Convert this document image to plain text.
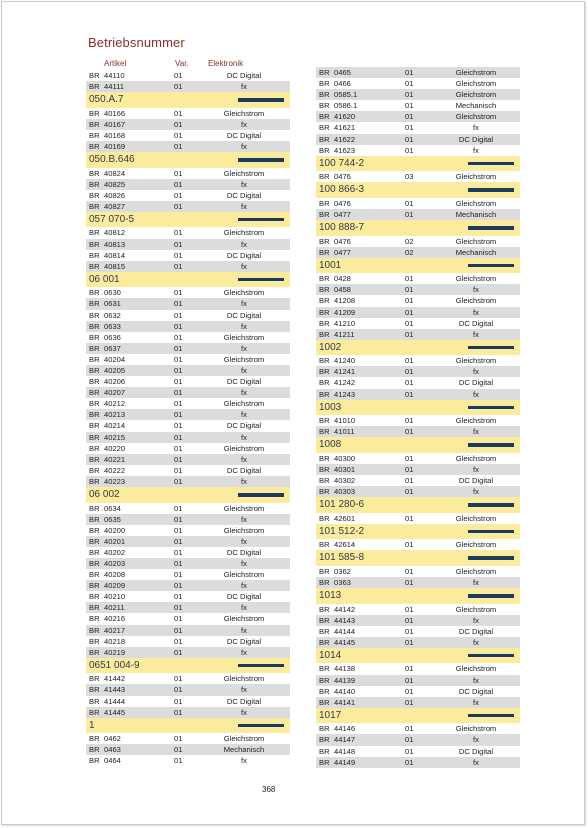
Betriebsnummer
Artikel	Var. Elektronik
BR 44110	01	DC Digital
BR 44111	01	fx
050.A.7
BR 40166	01	Gleichstrom
BR 40167	01	fx
BR 40168	01	DC Digital
BR 40169	01	fx
050.B.646
BR 40824	01	Gleichstrom
BR 40825	01	fx
BR 40826	01	DC Digital
BR 40827	01	fx
057 070-5
BR 40812	01	Gleichstrom
BR 40813	01	fx
BR 40814	01	DC Digital
BR 40815	01	fx
06 001
BR 0630	01	Gleichstrom
BR 0631	01	fx
BR 0632	01	DC Digital
BR 0633	01	fx
BR 0636	01	Gleichstrom
BR 0637	01	fx
BR 40204	01	Gleichstrom
BR 40205	01	fx
BR 40206	01	DC Digital
BR 40207	01	fx
BR 40212	01	Gleichstrom
BR 40213	01	fx
BR 40214	01	DC Digital
BR 40215	01	fx
BR 40220	01	Gleichstrom
BR 40221	01	fx
BR 40222	01	DC Digital
BR 40223	01	fx
06 002
BR 0634	01	Gleichstrom
BR 0635	01	fx
BR 40200	01	Gleichstrom
BR 40201	01	fx
BR 40202	01	DC Digital
BR 40203	01	fx
BR 40208	01	Gleichstrom
BR 40209	01	fx
BR 40210	01	DC Digital
BR 40211	01	fx
BR 40216	01	Gleichstrom
BR 40217	01	fx
BR 40218	01	DC Digital
BR 40219	01	fx
0651 004-9
BR 41442	01	Gleichstrom
BR 41443	01	fx
BR 41444	01	DC Digital
BR 41445	01	fx
1
BR 0462	01	Gleichstrom
BR 0463	01	Mechanisch
BR 0464	01	fx
BR 0465	01	Gleichstrom
BR 0466	01	Gleichstrom
BR 0585.1	01	Gleichstrom
BR 0586.1	01	Mechanisch
BR 41620	01	Gleichstrom
BR 41621	01	fx
BR 41622	01	DC Digital
BR 41623	01	fx
100 744-2
BR 0476	03	Gleichstrom
100 866-3
BR 0476	01	Gleichstrom
BR 0477	01	Mechanisch
100 888-7
BR 0476	02	Gleichstrom
BR 0477	02	Mechanisch
1001
BR 0428	01	Gleichstrom
BR 0458	01	fx
BR 41208	01	Gleichstrom
BR 41209	01	fx
BR 41210	01	DC Digital
BR 41211	01	fx
1002
BR 41240	01	Gleichstrom
BR 41241	01	fx
BR 41242	01	DC Digital
BR 41243	01	fx
1003
BR 41010	01	Gleichstrom
BR 41011	01	fx
1008
BR 40300	01	Gleichstrom
BR 40301	01	fx
BR 40302	01	DC Digital
BR 40303	01	fx
101 280-6
BR 42601	01	Gleichstrom
101 512-2
BR 42614	01	Gleichstrom
101 585-8
BR 0362	01	Gleichstrom
BR 0363	01	fx
1013
BR 44142	01	Gleichstrom
BR 44143	01	fx
BR 44144	01	DC Digital
BR 44145	01	fx
1014
BR 44138	01	Gleichstrom
BR 44139	01	fx
BR 44140	01	DC Digital
BR 44141	01	fx
1017
BR 44146	01	Gleichstrom
BR 44147	01	fx
BR 44148	01	DC Digital
BR 44149	01	fx
368
